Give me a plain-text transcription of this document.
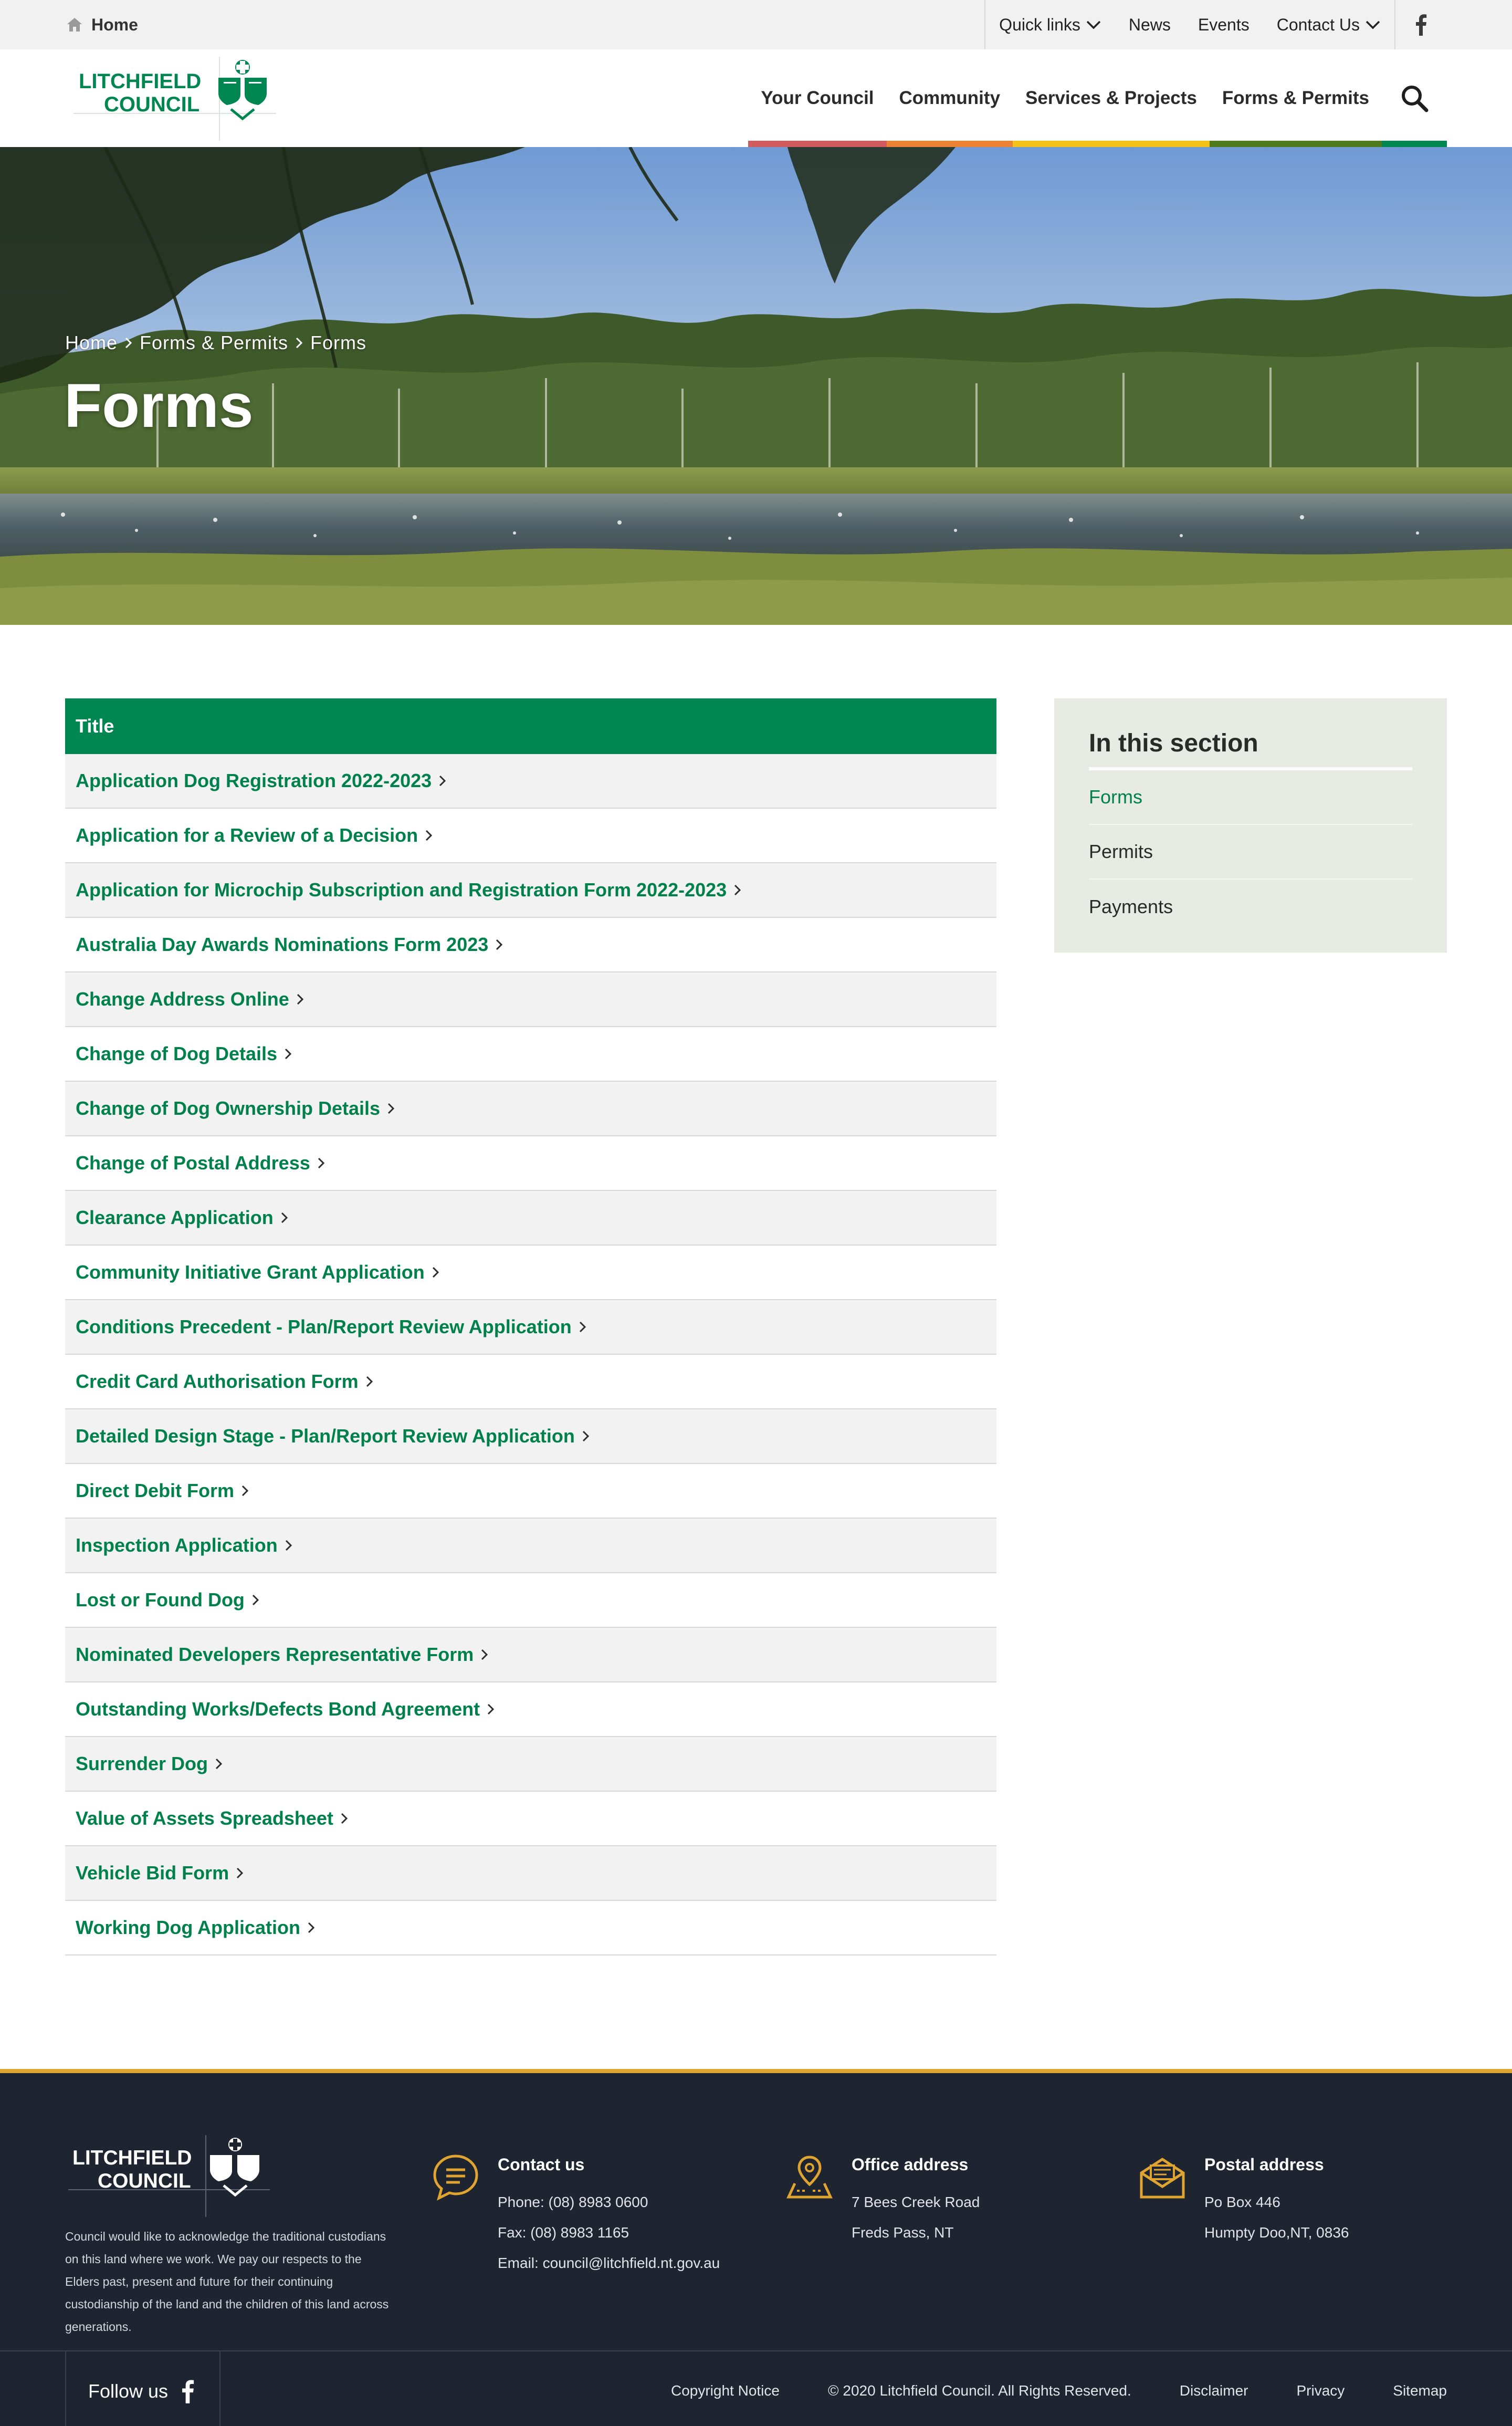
Home	Quick links	News Events Contact Us
LITCHFIELD
COUNCIL	Your Council Community Services & Projects Forms & Permits
Home Forms & Permits Forms
Forms
Title
Application Dog Registration 2022-2023
Application for a Review of a Decision
Application for Microchip Subscription and Registration Form 2022-2023
Australia Day Awards Nominations Form 2023
Change Address Online
Change of Dog Details
Change of Dog Ownership Details
Change of Postal Address
Clearance Application
Community Initiative Grant Application
Conditions Precedent - Plan/Report Review Application
Credit Card Authorisation Form
Detailed Design Stage - Plan/Report Review Application
Direct Debit Form
Inspection Application
Lost or Found Dog
Nominated Developers Representative Form
Outstanding Works/Defects Bond Agreement
Surrender Dog
Value of Assets Spreadsheet
Vehicle Bid Form
Working Dog Application
In this section
Forms
Permits
Payments
LITCHFIELD
COUNCIL
Council would like to acknowledge the traditional custodians on this land where we work. We pay our respects to the Elders past, present and future for their continuing custodianship of the land and the children of this land across generations.
Contact us
Phone: (08) 8983 0600
Fax: (08) 8983 1165
Email: council@litchfield.nt.gov.au
Office address
7 Bees Creek Road
Freds Pass, NT
Postal address
Po Box 446
Humpty Doo,NT, 0836
Follow us	Copyright Notice	© 2020 Litchfield Council. All Rights Reserved.	Disclaimer	Privacy	Sitemap
